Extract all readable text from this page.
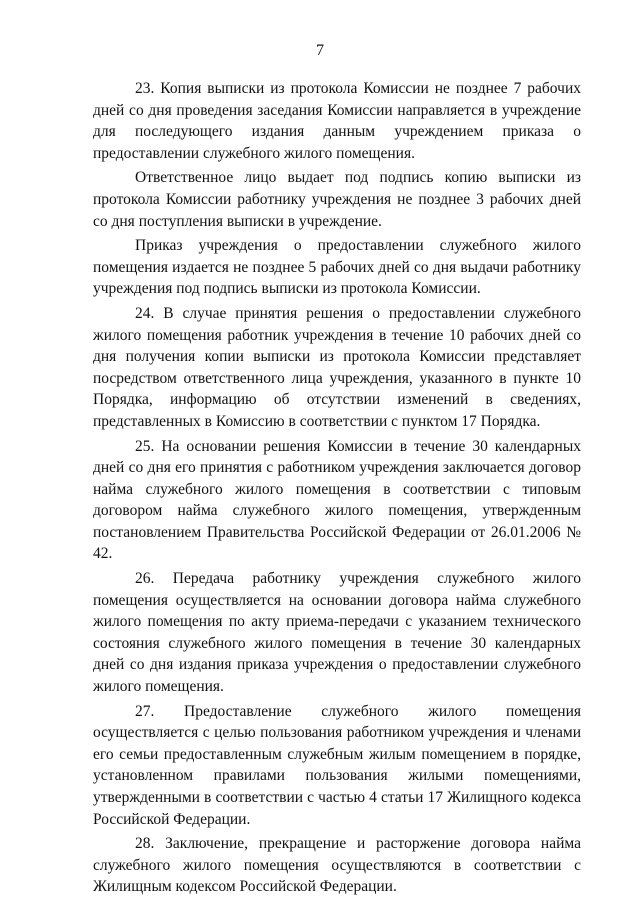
7

23. Копия выписки из протокола Комиссии не позднее 7 рабочих дней со дня проведения заседания Комиссии направляется в учреждение для последующего издания данным учреждением приказа о предоставлении служебного жилого помещения.

Ответственное лицо выдает под подпись копию выписки из протокола Комиссии работнику учреждения не позднее 3 рабочих дней со дня поступления выписки в учреждение.

Приказ учреждения о предоставлении служебного жилого помещения издается не позднее 5 рабочих дней со дня выдачи работнику учреждения под подпись выписки из протокола Комиссии.

24. В случае принятия решения о предоставлении служебного жилого помещения работник учреждения в течение 10 рабочих дней со дня получения копии выписки из протокола Комиссии представляет посредством ответственного лица учреждения, указанного в пункте 10 Порядка, информацию об отсутствии изменений в сведениях, представленных в Комиссию в соответствии с пунктом 17 Порядка.

25. На основании решения Комиссии в течение 30 календарных дней со дня его принятия с работником учреждения заключается договор найма служебного жилого помещения в соответствии с типовым договором найма служебного жилого помещения, утвержденным постановлением Правительства Российской Федерации от 26.01.2006 № 42.

26. Передача работнику учреждения служебного жилого помещения осуществляется на основании договора найма служебного жилого помещения по акту приема-передачи с указанием технического состояния служебного жилого помещения в течение 30 календарных дней со дня издания приказа учреждения о предоставлении служебного жилого помещения.

27. Предоставление служебного жилого помещения осуществляется с целью пользования работником учреждения и членами его семьи предоставленным служебным жилым помещением в порядке, установленном правилами пользования жилыми помещениями, утвержденными в соответствии с частью 4 статьи 17 Жилищного кодекса Российской Федерации.

28. Заключение, прекращение и расторжение договора найма служебного жилого помещения осуществляются в соответствии с Жилищным кодексом Российской Федерации.
